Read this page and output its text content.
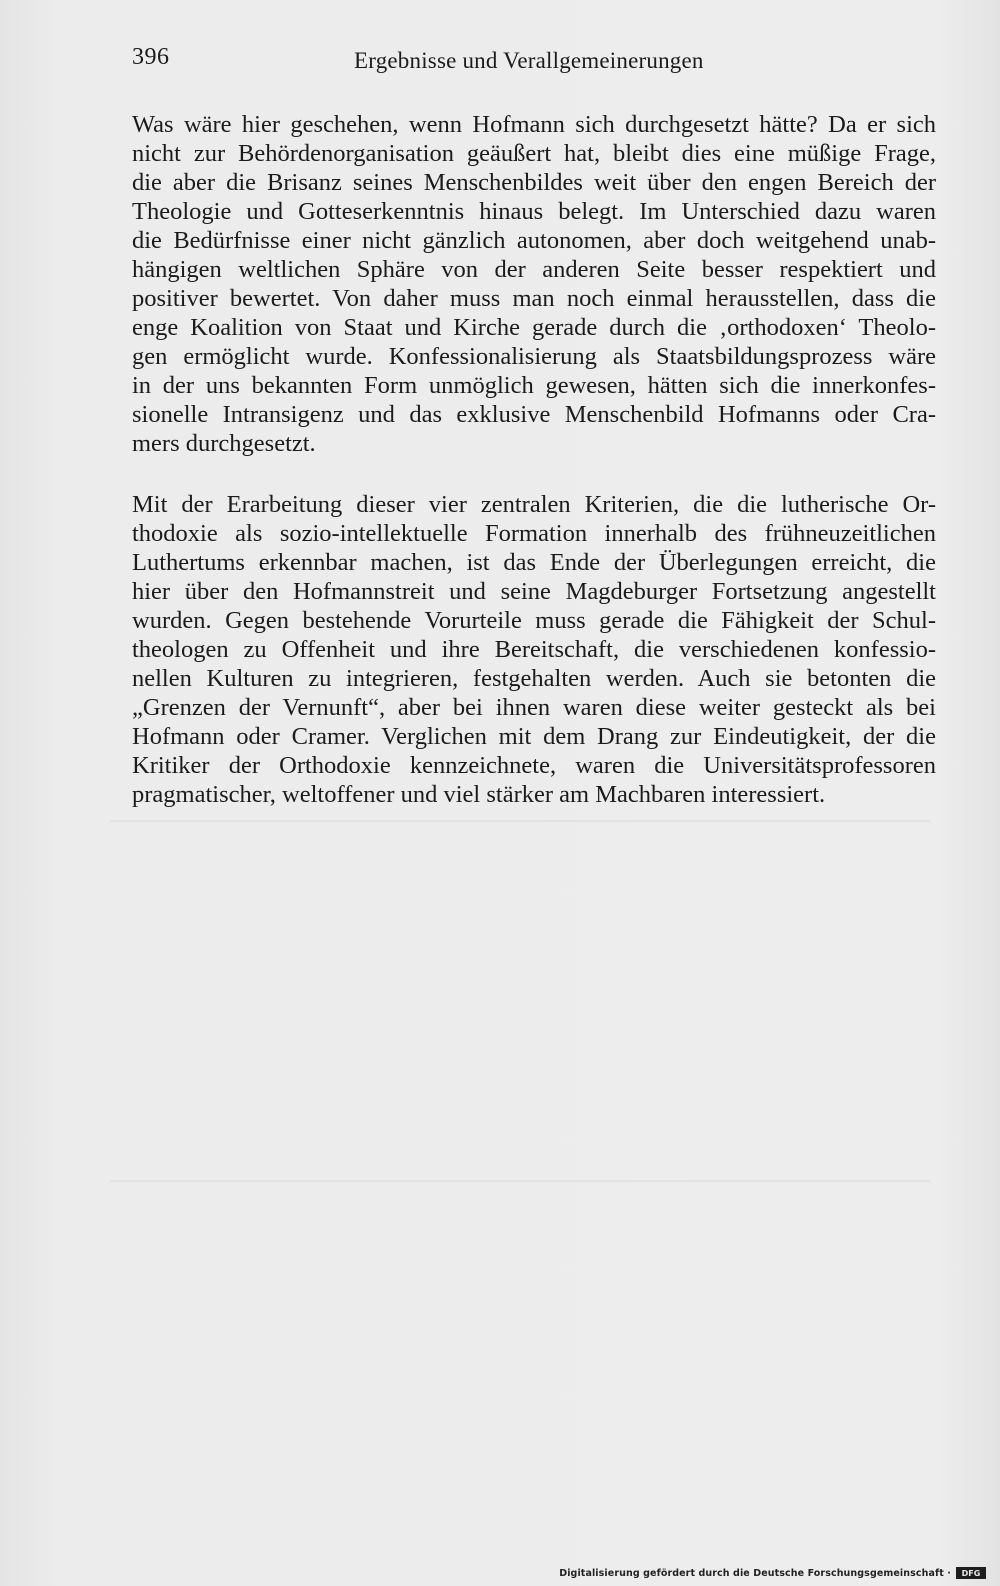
396	Ergebnisse und Verallgemeinerungen
Was wäre hier geschehen, wenn Hofmann sich durchgesetzt hätte? Da er sich
nicht zur Behördenorganisation geäußert hat, bleibt dies eine müßige Frage,
die aber die Brisanz seines Menschenbildes weit über den engen Bereich der
Theologie und Gotteserkenntnis hinaus belegt. Im Unterschied dazu waren
die Bedürfnisse einer nicht gänzlich autonomen, aber doch weitgehend unab-
hängigen weltlichen Sphäre von der anderen Seite besser respektiert und
positiver bewertet. Von daher muss man noch einmal herausstellen, dass die
enge Koalition von Staat und Kirche gerade durch die ‚orthodoxen‘ Theolo-
gen ermöglicht wurde. Konfessionalisierung als Staatsbildungsprozess wäre
in der uns bekannten Form unmöglich gewesen, hätten sich die innerkonfes-
sionelle Intransigenz und das exklusive Menschenbild Hofmanns oder Cra-
mers durchgesetzt.
Mit der Erarbeitung dieser vier zentralen Kriterien, die die lutherische Or-
thodoxie als sozio-intellektuelle Formation innerhalb des frühneuzeitlichen
Luthertums erkennbar machen, ist das Ende der Überlegungen erreicht, die
hier über den Hofmannstreit und seine Magdeburger Fortsetzung angestellt
wurden. Gegen bestehende Vorurteile muss gerade die Fähigkeit der Schul-
theologen zu Offenheit und ihre Bereitschaft, die verschiedenen konfessio-
nellen Kulturen zu integrieren, festgehalten werden. Auch sie betonten die
„Grenzen der Vernunft“, aber bei ihnen waren diese weiter gesteckt als bei
Hofmann oder Cramer. Verglichen mit dem Drang zur Eindeutigkeit, der die
Kritiker der Orthodoxie kennzeichnete, waren die Universitätsprofessoren
pragmatischer, weltoffener und viel stärker am Machbaren interessiert.
Digitalisierung gefördert durch die Deutsche Forschungsgemeinschaft · DFG
